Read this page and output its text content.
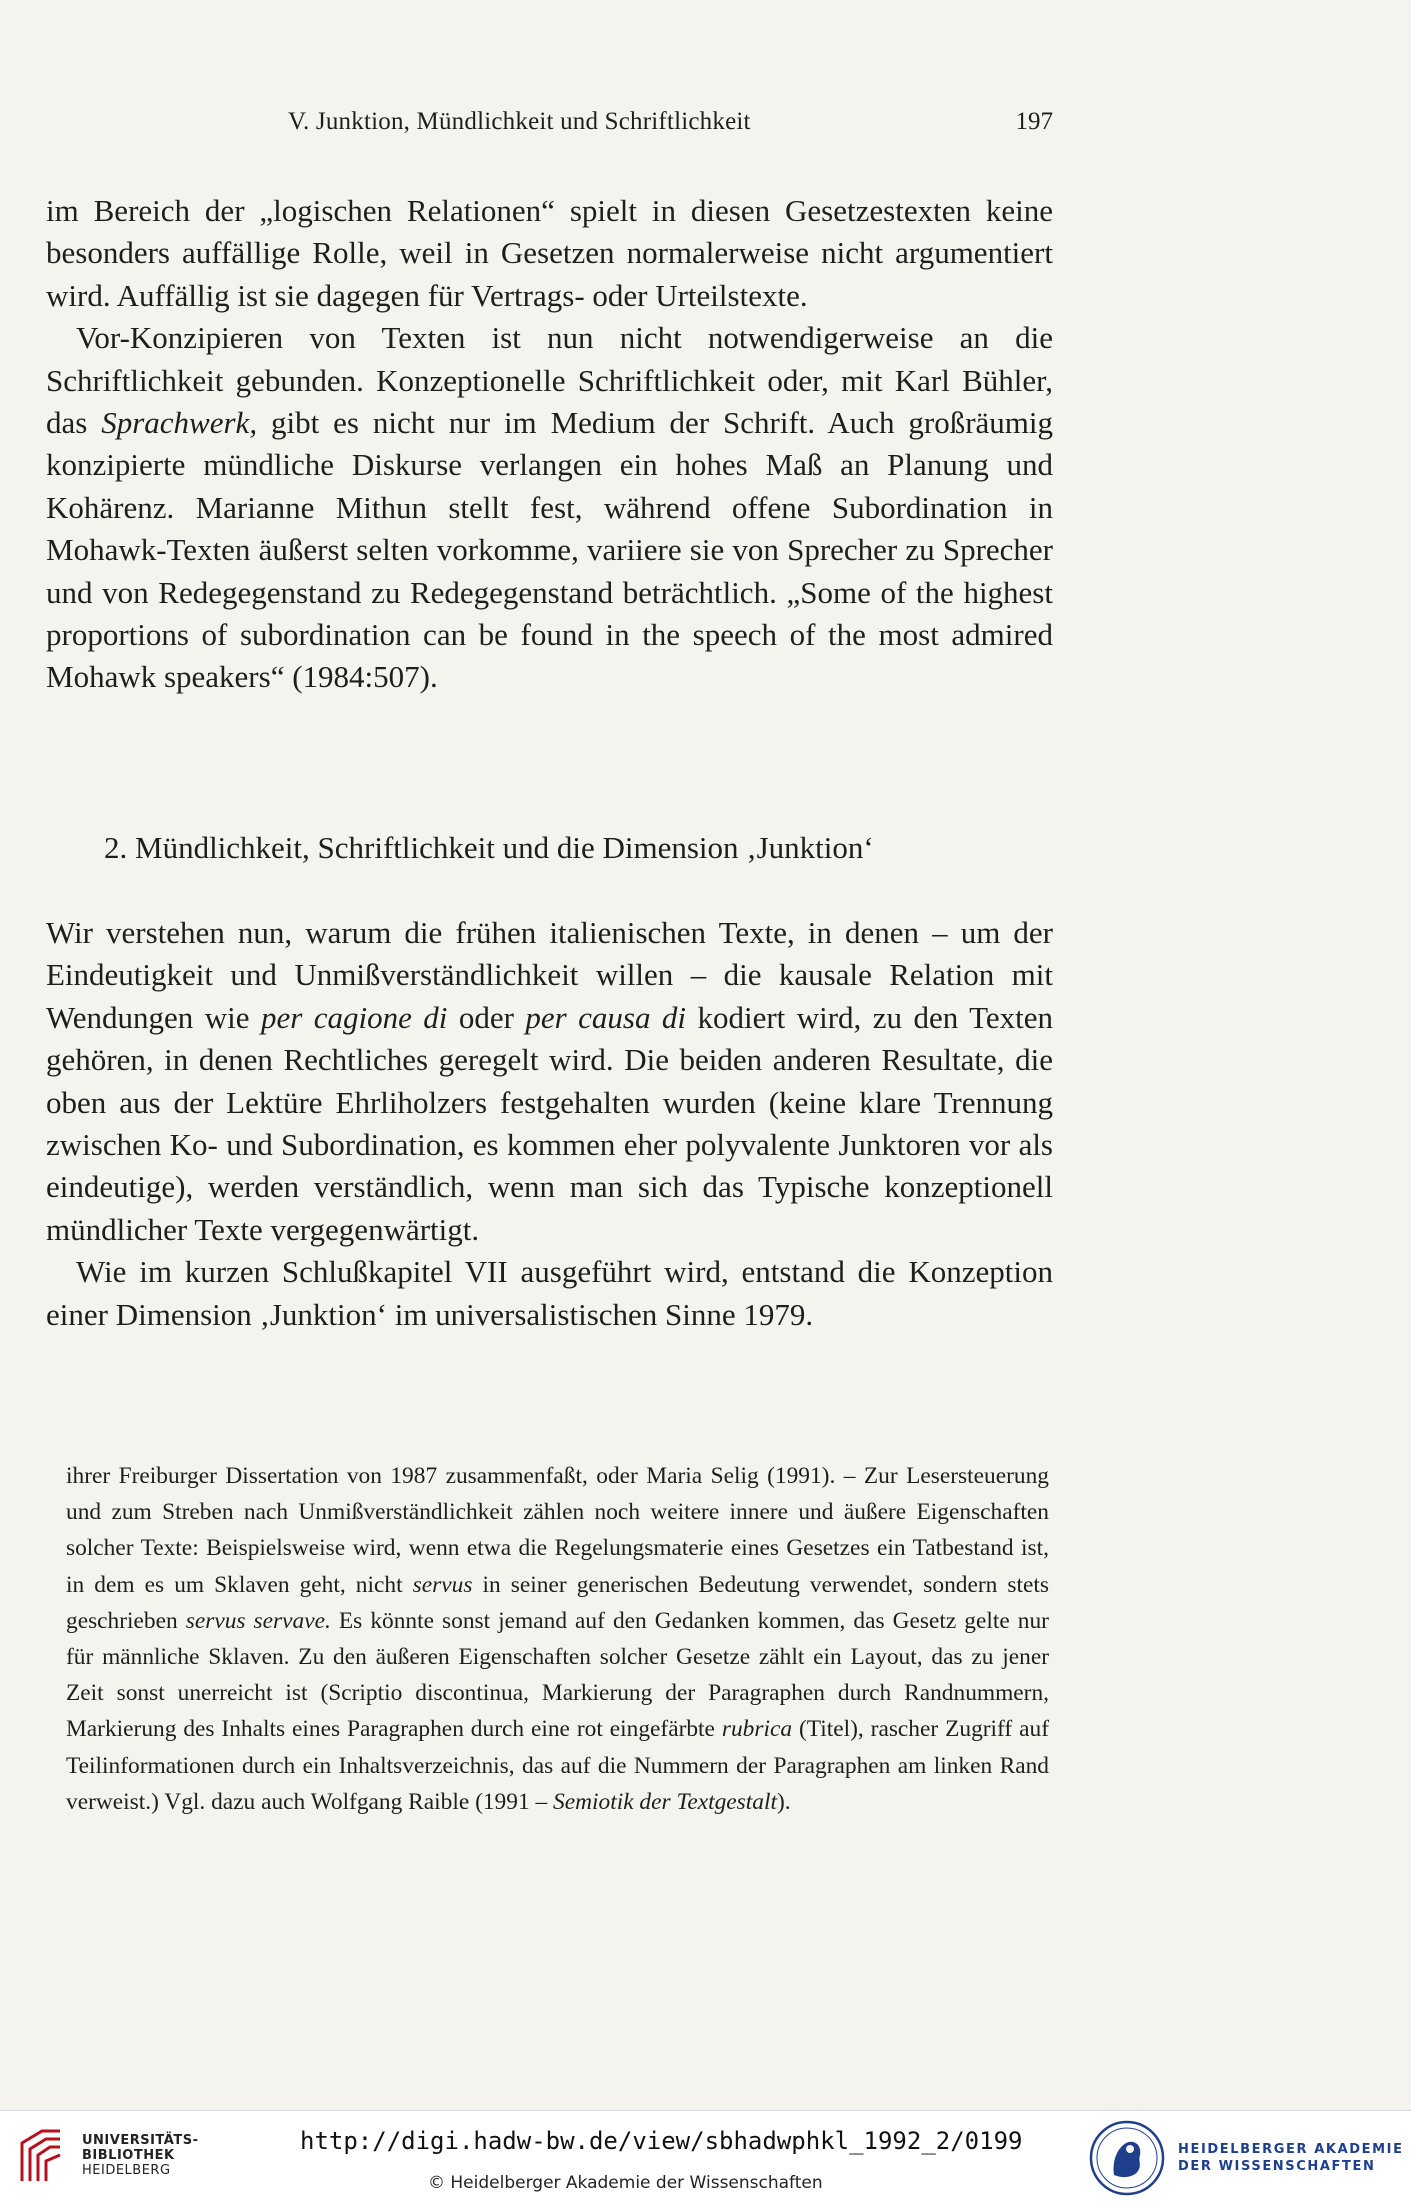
V. Junktion, Mündlichkeit und Schriftlichkeit	197

im Bereich der „logischen Relationen“ spielt in diesen Gesetzestexten keine besonders auffällige Rolle, weil in Gesetzen normalerweise nicht argumentiert wird. Auffällig ist sie dagegen für Vertrags- oder Urteilstexte.

Vor-Konzipieren von Texten ist nun nicht notwendigerweise an die Schriftlichkeit gebunden. Konzeptionelle Schriftlichkeit oder, mit Karl Bühler, das Sprachwerk, gibt es nicht nur im Medium der Schrift. Auch großräumig konzipierte mündliche Diskurse verlangen ein hohes Maß an Planung und Kohärenz. Marianne Mithun stellt fest, während offene Subordination in Mohawk-Texten äußerst selten vorkomme, variiere sie von Sprecher zu Sprecher und von Redegegenstand zu Redegegenstand beträchtlich. „Some of the highest proportions of subordination can be found in the speech of the most admired Mohawk speakers“ (1984:507).

2. Mündlichkeit, Schriftlichkeit und die Dimension ‚Junktion‘

Wir verstehen nun, warum die frühen italienischen Texte, in denen – um der Eindeutigkeit und Unmißverständlichkeit willen – die kausale Relation mit Wendungen wie per cagione di oder per causa di kodiert wird, zu den Texten gehören, in denen Rechtliches geregelt wird. Die beiden anderen Resultate, die oben aus der Lektüre Ehrliholzers festgehalten wurden (keine klare Trennung zwischen Ko- und Subordination, es kommen eher polyvalente Junktoren vor als eindeutige), werden verständlich, wenn man sich das Typische konzeptionell mündlicher Texte vergegenwärtigt.

Wie im kurzen Schlußkapitel VII ausgeführt wird, entstand die Konzeption einer Dimension ‚Junktion‘ im universalistischen Sinne 1979.

ihrer Freiburger Dissertation von 1987 zusammenfaßt, oder Maria Selig (1991). – Zur Lesersteuerung und zum Streben nach Unmißverständlichkeit zählen noch weitere innere und äußere Eigenschaften solcher Texte: Beispielsweise wird, wenn etwa die Regelungsmaterie eines Gesetzes ein Tatbestand ist, in dem es um Sklaven geht, nicht servus in seiner generischen Bedeutung verwendet, sondern stets geschrieben servus servave. Es könnte sonst jemand auf den Gedanken kommen, das Gesetz gelte nur für männliche Sklaven. Zu den äußeren Eigenschaften solcher Gesetze zählt ein Layout, das zu jener Zeit sonst unerreicht ist (Scriptio discontinua, Markierung der Paragraphen durch Randnummern, Markierung des Inhalts eines Paragraphen durch eine rot eingefärbte rubrica (Titel), rascher Zugriff auf Teilinformationen durch ein Inhaltsverzeichnis, das auf die Nummern der Paragraphen am linken Rand verweist.) Vgl. dazu auch Wolfgang Raible (1991 – Semiotik der Textgestalt).

UNIVERSITÄTS-
BIBLIOTHEK
HEIDELBERG
http://digi.hadw-bw.de/view/sbhadwphkl_1992_2/0199
© Heidelberger Akademie der Wissenschaften
HEIDELBERGER AKADEMIE
DER WISSENSCHAFTEN
